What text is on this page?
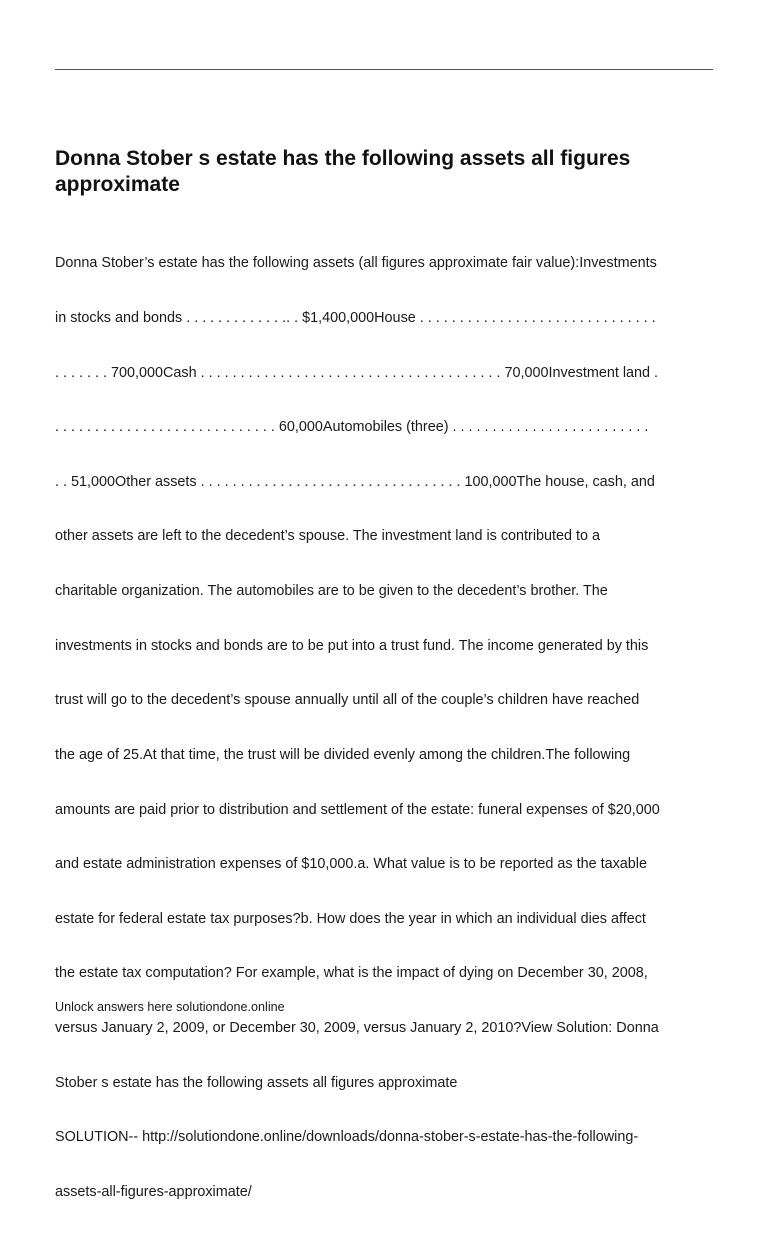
Donna Stober s estate has the following assets all figures approximate

Donna Stober’s estate has the following assets (all figures approximate fair value):Investments

in stocks and bonds . . . . . . . . . . . . .. . $1,400,000House . . . . . . . . . . . . . . . . . . . . . . . . . . . . . .

. . . . . . . 700,000Cash . . . . . . . . . . . . . . . . . . . . . . . . . . . . . . . . . . . . . . 70,000Investment land .

. . . . . . . . . . . . . . . . . . . . . . . . . . . . 60,000Automobiles (three) . . . . . . . . . . . . . . . . . . . . . . . . .

. . 51,000Other assets . . . . . . . . . . . . . . . . . . . . . . . . . . . . . . . . . 100,000The house, cash, and

other assets are left to the decedent’s spouse. The investment land is contributed to a

charitable organization. The automobiles are to be given to the decedent’s brother. The

investments in stocks and bonds are to be put into a trust fund. The income generated by this

trust will go to the decedent’s spouse annually until all of the couple’s children have reached

the age of 25.At that time, the trust will be divided evenly among the children.The following

amounts are paid prior to distribution and settlement of the estate: funeral expenses of $20,000

and estate administration expenses of $10,000.a. What value is to be reported as the taxable

estate for federal estate tax purposes?b. How does the year in which an individual dies affect

the estate tax computation? For example, what is the impact of dying on December 30, 2008,

versus January 2, 2009, or December 30, 2009, versus January 2, 2010?View Solution: Donna

Stober s estate has the following assets all figures approximate

SOLUTION-- http://solutiondone.online/downloads/donna-stober-s-estate-has-the-following-

assets-all-figures-approximate/

Unlock answers here solutiondone.online
